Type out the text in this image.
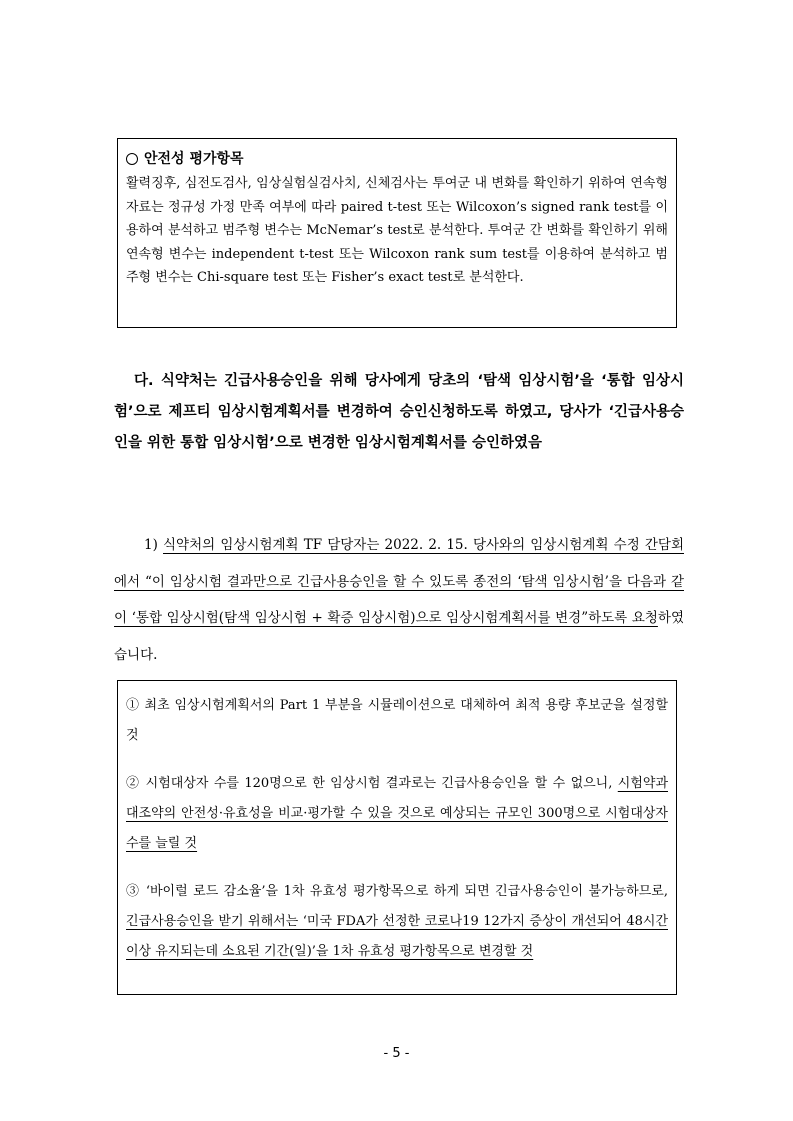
안전성 평가항목
활력징후, 심전도검사, 임상실험실검사치, 신체검사는 투여군 내 변화를 확인하기 위하여 연속형 자료는 정규성 가정 만족 여부에 따라 paired t-test 또는 Wilcoxon’s signed rank test를 이용하여 분석하고 범주형 변수는 McNemar’s test로 분석한다. 투여군 간 변화를 확인하기 위해 연속형 변수는 independent t-test 또는 Wilcoxon rank sum test를 이용하여 분석하고 범주형 변수는 Chi-square test 또는 Fisher’s exact test로 분석한다.
다. 식약처는 긴급사용승인을 위해 당사에게 당초의 ‘탐색 임상시험’을 ‘통합 임상시험’으로 제프티 임상시험계획서를 변경하여 승인신청하도록 하였고, 당사가 ‘긴급사용승인을 위한 통합 임상시험’으로 변경한 임상시험계획서를 승인하였음
1) 식약처의 임상시험계획 TF 담당자는 2022. 2. 15. 당사와의 임상시험계획 수정 간담회에서 “이 임상시험 결과만으로 긴급사용승인을 할 수 있도록 종전의 ‘탐색 임상시험’을 다음과 같이 ‘통합 임상시험(탐색 임상시험 + 확증 임상시험)으로 임상시험계획서를 변경”하도록 요청하였습니다.
① 최초 임상시험계획서의 Part 1 부분을 시뮬레이션으로 대체하여 최적 용량 후보군을 설정할 것
② 시험대상자 수를 120명으로 한 임상시험 결과로는 긴급사용승인을 할 수 없으니, 시험약과 대조약의 안전성·유효성을 비교·평가할 수 있을 것으로 예상되는 규모인 300명으로 시험대상자 수를 늘릴 것
③ ‘바이럴 로드 감소율’을 1차 유효성 평가항목으로 하게 되면 긴급사용승인이 불가능하므로, 긴급사용승인을 받기 위해서는 ‘미국 FDA가 선정한 코로나19 12가지 증상이 개선되어 48시간 이상 유지되는데 소요된 기간(일)’을 1차 유효성 평가항목으로 변경할 것
- 5 -
